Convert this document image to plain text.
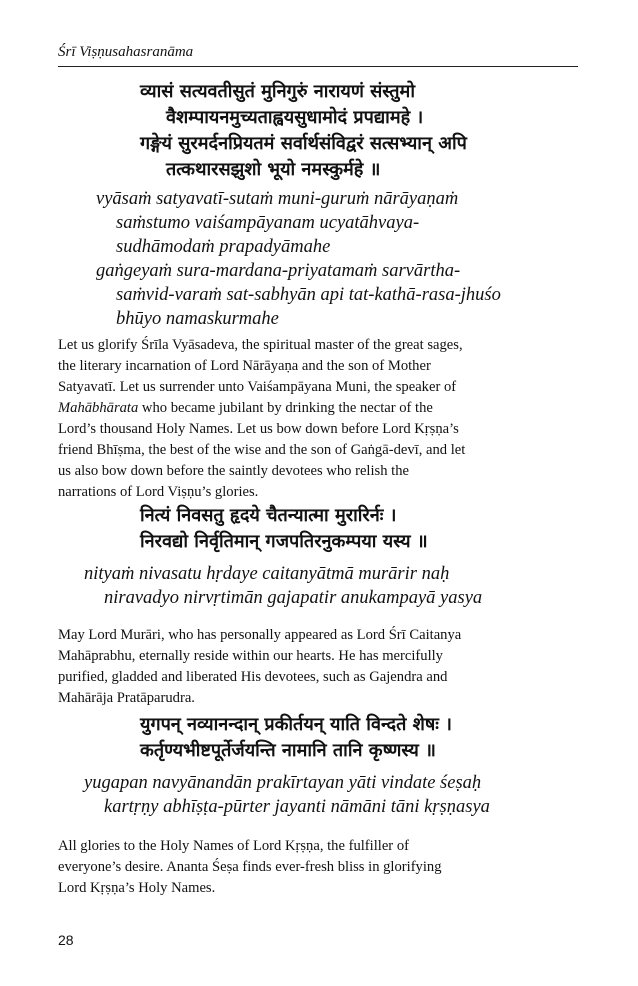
Śrī Viṣṇusahasranāma
व्यासं सत्यवतीसुतं मुनिगुरुं नारायणं संस्तुमो
वैशम्पायनमुच्यताह्वयसुधामोदं प्रपद्यामहे ।
गङ्गेयं सुरमर्दनप्रियतमं सर्वार्थसंविद्वरं सत्सभ्यान् अपि
तत्कथारसझुशो भूयो नमस्कुर्महे ॥
vyāsaṁ satyavatī-sutaṁ muni-guruṁ nārāyaṇaṁ
saṁstumo vaiśampāyanam ucyatāhvaya-
sudhāmodaṁ prapadyāmahe
gaṅgeyaṁ sura-mardana-priyatamaṁ sarvārtha-
saṁvid-varaṁ sat-sabhyān api tat-kathā-rasa-jhuśo
bhūyo namaskurmahe
Let us glorify Śrīla Vyāsadeva, the spiritual master of the great sages,
the literary incarnation of Lord Nārāyaṇa and the son of Mother
Satyavatī. Let us surrender unto Vaiśampāyana Muni, the speaker of
Mahābhārata who became jubilant by drinking the nectar of the
Lord’s thousand Holy Names. Let us bow down before Lord Kṛṣṇa’s
friend Bhīṣma, the best of the wise and the son of Gaṅgā-devī, and let
us also bow down before the saintly devotees who relish the
narrations of Lord Viṣṇu’s glories.
नित्यं निवसतु हृदये चैतन्यात्मा मुरारिर्नः ।
निरवद्यो निर्वृतिमान् गजपतिरनुकम्पया यस्य ॥
nityaṁ nivasatu hṛdaye caitanyātmā murārir naḥ
niravadyo nirvṛtimān gajapatir anukampayā yasya
May Lord Murāri, who has personally appeared as Lord Śrī Caitanya
Mahāprabhu, eternally reside within our hearts. He has mercifully
purified, gladded and liberated His devotees, such as Gajendra and
Mahārāja Pratāparudra.
युगपन् नव्यानन्दान् प्रकीर्तयन् याति विन्दते शेषः ।
कर्तृण्यभीष्टपूर्तेर्जयन्ति नामानि तानि कृष्णस्य ॥
yugapan navyānandān prakīrtayan yāti vindate śeṣaḥ
kartṛṇy abhīṣṭa-pūrter jayanti nāmāni tāni kṛṣṇasya
All glories to the Holy Names of Lord Kṛṣṇa, the fulfiller of
everyone’s desire. Ananta Śeṣa finds ever-fresh bliss in glorifying
Lord Kṛṣṇa’s Holy Names.
28
